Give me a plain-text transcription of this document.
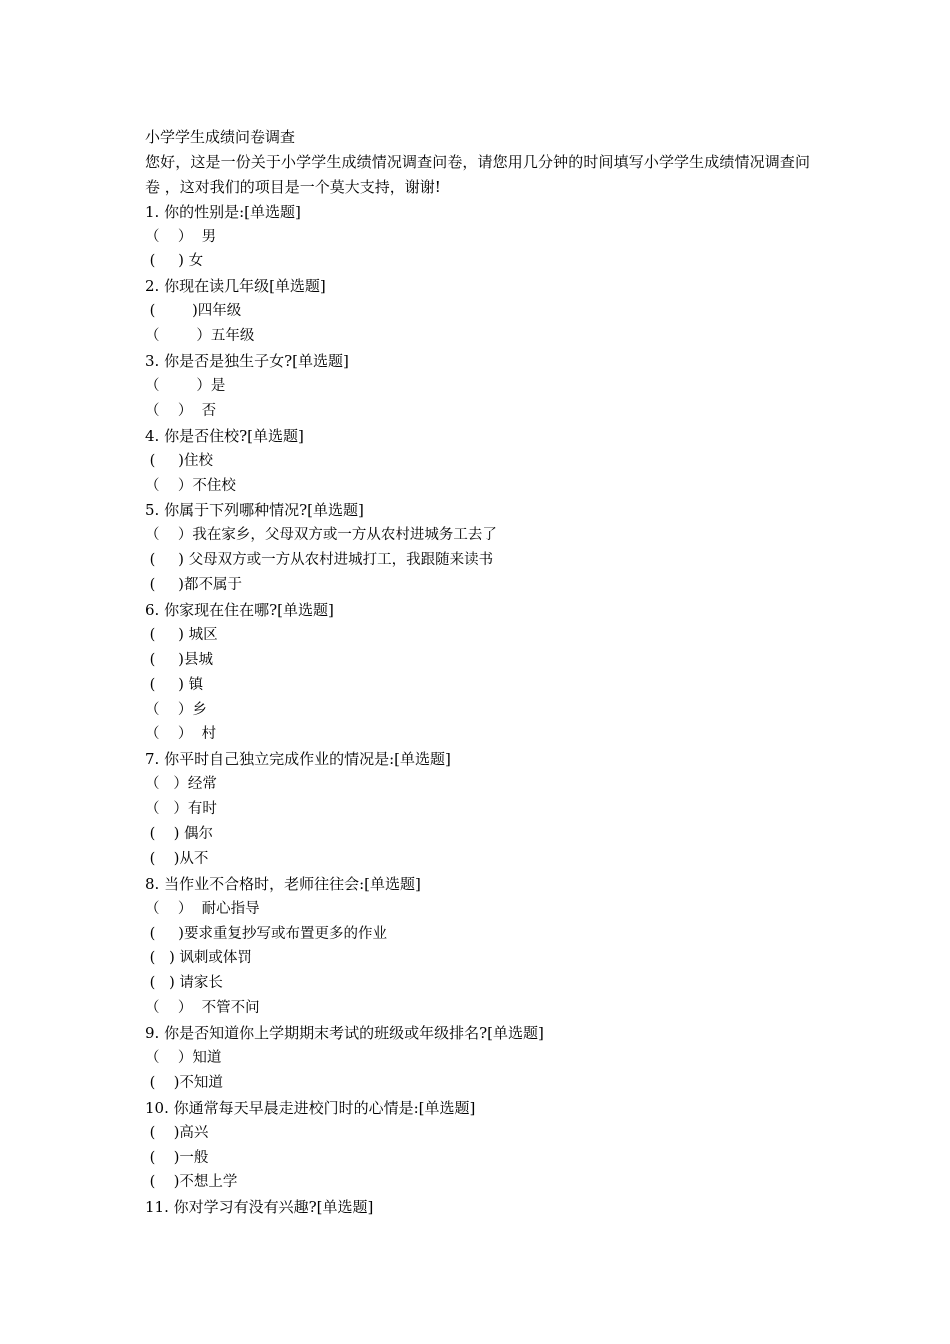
小学学生成绩问卷调查
您好，这是一份关于小学学生成绩情况调查问卷，请您用几分钟的时间填写小学学生成绩情况调查问卷 ，这对我们的项目是一个莫大支持，谢谢!
1. 你的性别是:[单选题]
（    ）  男
(     ) 女
2. 你现在读几年级[单选题]
(        )四年级
（        ）五年级
3. 你是否是独生子女?[单选题]
（        ）是
（    ）  否
4. 你是否住校?[单选题]
(     )住校
（    ）不住校
5. 你属于下列哪种情况?[单选题]
（    ）我在家乡，父母双方或一方从农村进城务工去了
(     ) 父母双方或一方从农村进城打工，我跟随来读书
(     )都不属于
6. 你家现在住在哪?[单选题]
(     ) 城区
(     )县城
(     ) 镇
（    ）乡
（    ）  村
7. 你平时自己独立完成作业的情况是:[单选题]
（   ）经常
（   ）有时
(    ) 偶尔
(    )从不
8. 当作业不合格时，老师往往会:[单选题]
（    ）  耐心指导
(     )要求重复抄写或布置更多的作业
(   ) 讽刺或体罚
(   ) 请家长
（    ）  不管不问
9. 你是否知道你上学期期末考试的班级或年级排名?[单选题]
（    ）知道
(    )不知道
10. 你通常每天早晨走进校门时的心情是:[单选题]
(    )高兴
(    )一般
(    )不想上学
11. 你对学习有没有兴趣?[单选题]
